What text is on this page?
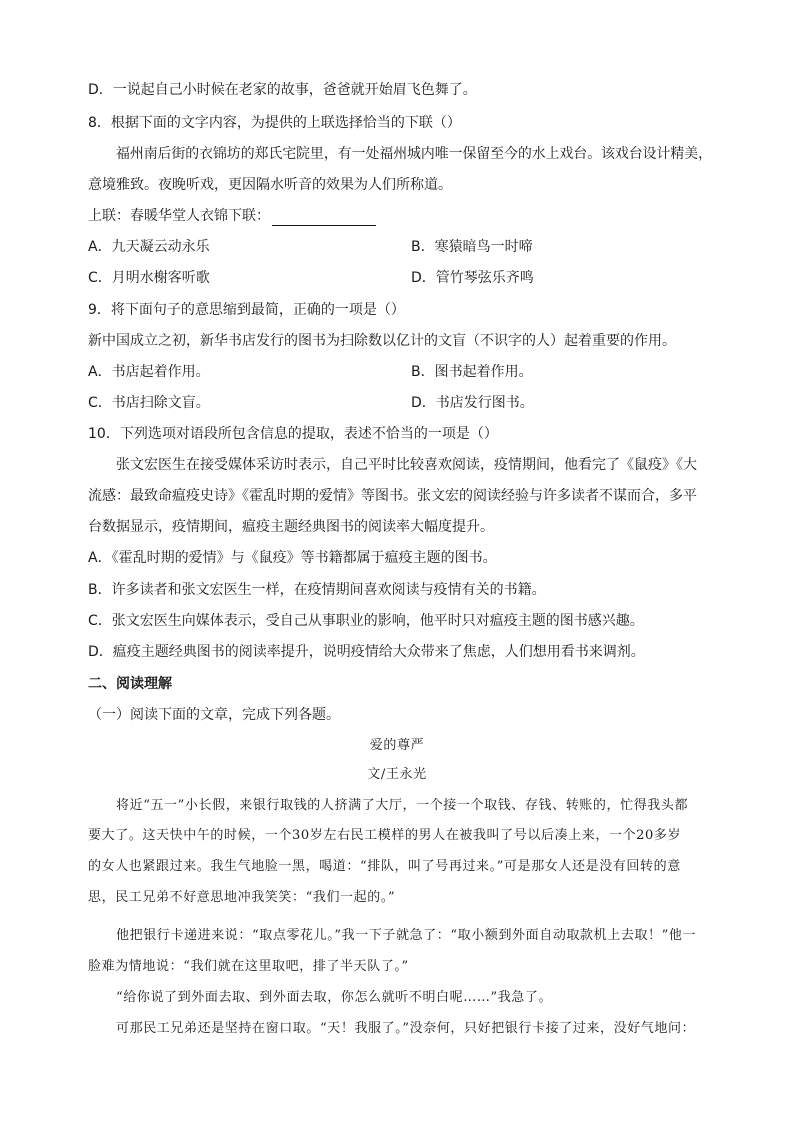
D．一说起自己小时候在老家的故事，爸爸就开始眉飞色舞了。
8．根据下面的文字内容，为提供的上联选择恰当的下联（）
福州南后街的衣锦坊的郑氏宅院里，有一处福州城内唯一保留至今的水上戏台。该戏台设计精美，
意境雅致。夜晚听戏，更因隔水听音的效果为人们所称道。
上联：春暖华堂人衣锦下联：
A．九天凝云动永乐	B．寒猿暗鸟一时啼
C．月明水榭客听歌	D．管竹琴弦乐齐鸣
9．将下面句子的意思缩到最简，正确的一项是（）
新中国成立之初，新华书店发行的图书为扫除数以亿计的文盲（不识字的人）起着重要的作用。
A．书店起着作用。	B．图书起着作用。
C．书店扫除文盲。	D．书店发行图书。
10．下列选项对语段所包含信息的提取，表述不恰当的一项是（）
张文宏医生在接受媒体采访时表示，自己平时比较喜欢阅读，疫情期间，他看完了《鼠疫》《大
流感：最致命瘟疫史诗》《霍乱时期的爱情》等图书。张文宏的阅读经验与许多读者不谋而合，多平
台数据显示，疫情期间，瘟疫主题经典图书的阅读率大幅度提升。
A．《霍乱时期的爱情》与《鼠疫》等书籍都属于瘟疫主题的图书。
B．许多读者和张文宏医生一样，在疫情期间喜欢阅读与疫情有关的书籍。
C．张文宏医生向媒体表示，受自己从事职业的影响，他平时只对瘟疫主题的图书感兴趣。
D．瘟疫主题经典图书的阅读率提升，说明疫情给大众带来了焦虑，人们想用看书来调剂。
二、阅读理解
（一）阅读下面的文章，完成下列各题。
爱的尊严
文/王永光
将近“五一”小长假，来银行取钱的人挤满了大厅，一个接一个取钱、存钱、转账的，忙得我头都
要大了。这天快中午的时候，一个30岁左右民工模样的男人在被我叫了号以后凑上来，一个20多岁
的女人也紧跟过来。我生气地脸一黑，喝道：“排队，叫了号再过来。”可是那女人还是没有回转的意
思，民工兄弟不好意思地冲我笑笑：“我们一起的。”
他把银行卡递进来说：“取点零花儿。”我一下子就急了：“取小额到外面自动取款机上去取！”他一
脸难为情地说：“我们就在这里取吧，排了半天队了。”
“给你说了到外面去取、到外面去取，你怎么就听不明白呢……”我急了。
可那民工兄弟还是坚持在窗口取。“天！我服了。”没奈何，只好把银行卡接了过来，没好气地问：
